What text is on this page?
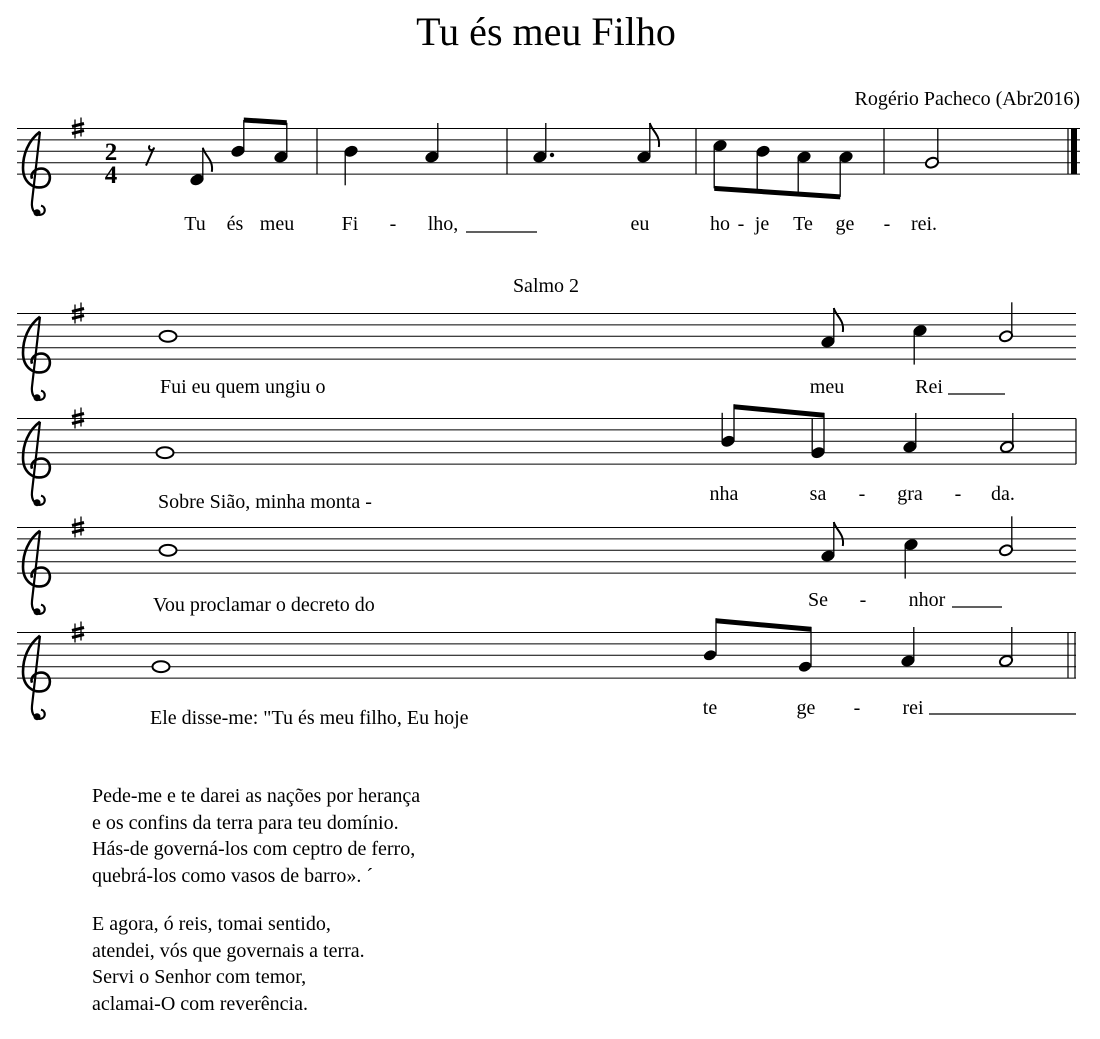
Tu és meu Filho
Rogério Pacheco (Abr2016)
Salmo 2
2
4
Tu és meu Fi - lho,	eu	ho - je Te ge - rei.
Fui eu quem ungiu o	meu	Rei
Sobre Sião, minha monta -	nha	sa - gra - da.
Vou proclamar o decreto do	Se - nhor
Ele disse-me: "Tu és meu filho, Eu hoje	te	ge - rei
Pede-me e te darei as nações por herança
e os confins da terra para teu domínio.
Hás-de governá-los com ceptro de ferro,
quebrá-los como vasos de barro». ´
E agora, ó reis, tomai sentido,
atendei, vós que governais a terra.
Servi o Senhor com temor,
aclamai-O com reverência.
